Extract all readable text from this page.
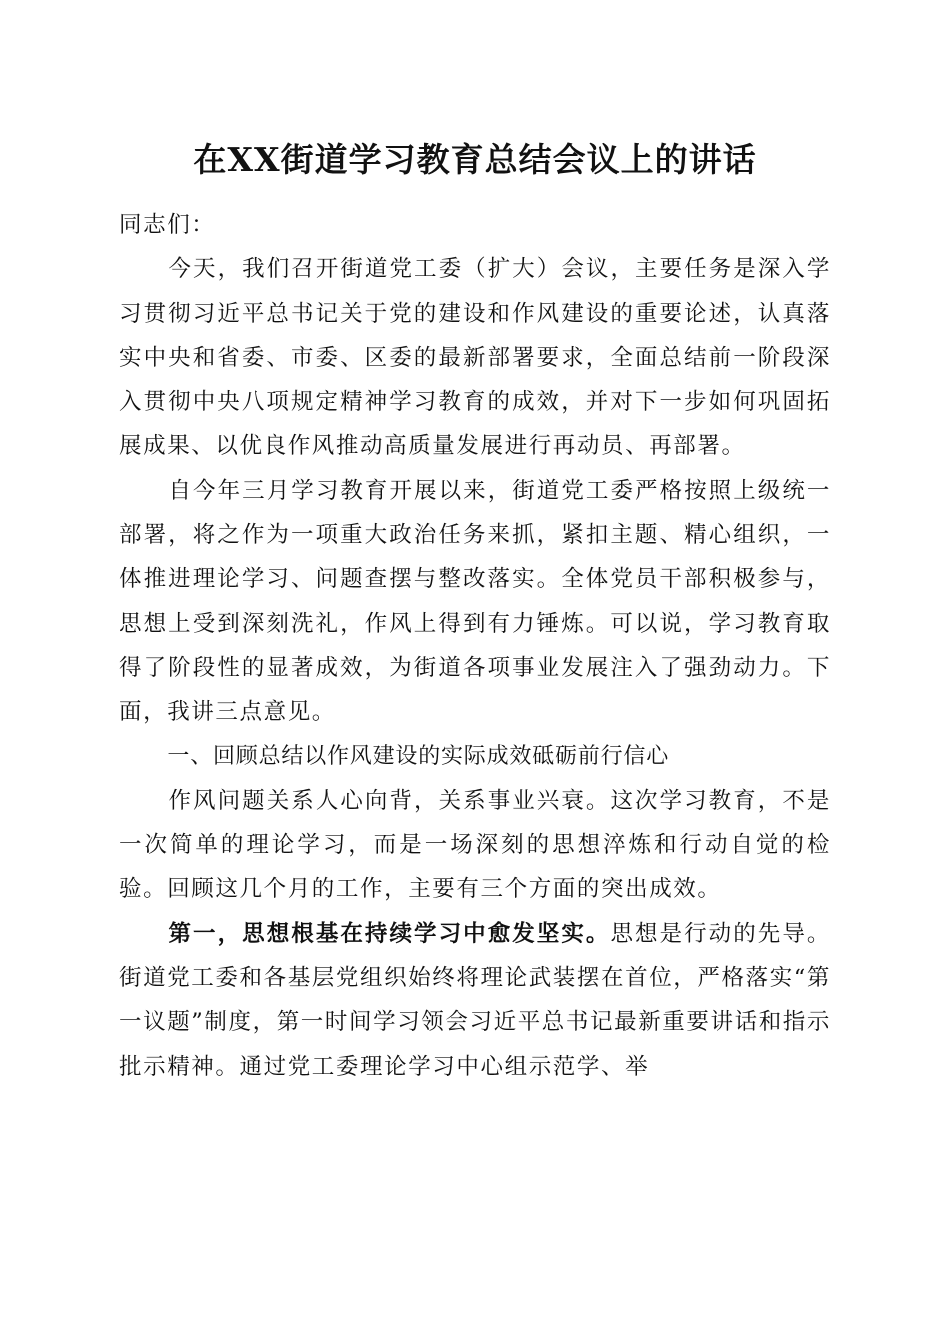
在XX街道学习教育总结会议上的讲话

同志们：

今天，我们召开街道党工委（扩大）会议，主要任务是深入学习贯彻习近平总书记关于党的建设和作风建设的重要论述，认真落实中央和省委、市委、区委的最新部署要求，全面总结前一阶段深入贯彻中央八项规定精神学习教育的成效，并对下一步如何巩固拓展成果、以优良作风推动高质量发展进行再动员、再部署。

自今年三月学习教育开展以来，街道党工委严格按照上级统一部署，将之作为一项重大政治任务来抓，紧扣主题、精心组织，一体推进理论学习、问题查摆与整改落实。全体党员干部积极参与，思想上受到深刻洗礼，作风上得到有力锤炼。可以说，学习教育取得了阶段性的显著成效，为街道各项事业发展注入了强劲动力。下面，我讲三点意见。

一、回顾总结以作风建设的实际成效砥砺前行信心

作风问题关系人心向背，关系事业兴衰。这次学习教育，不是一次简单的理论学习，而是一场深刻的思想淬炼和行动自觉的检验。回顾这几个月的工作，主要有三个方面的突出成效。

第一，思想根基在持续学习中愈发坚实。思想是行动的先导。街道党工委和各基层党组织始终将理论武装摆在首位，严格落实“第一议题”制度，第一时间学习领会习近平总书记最新重要讲话和指示批示精神。通过党工委理论学习中心组示范学、举
